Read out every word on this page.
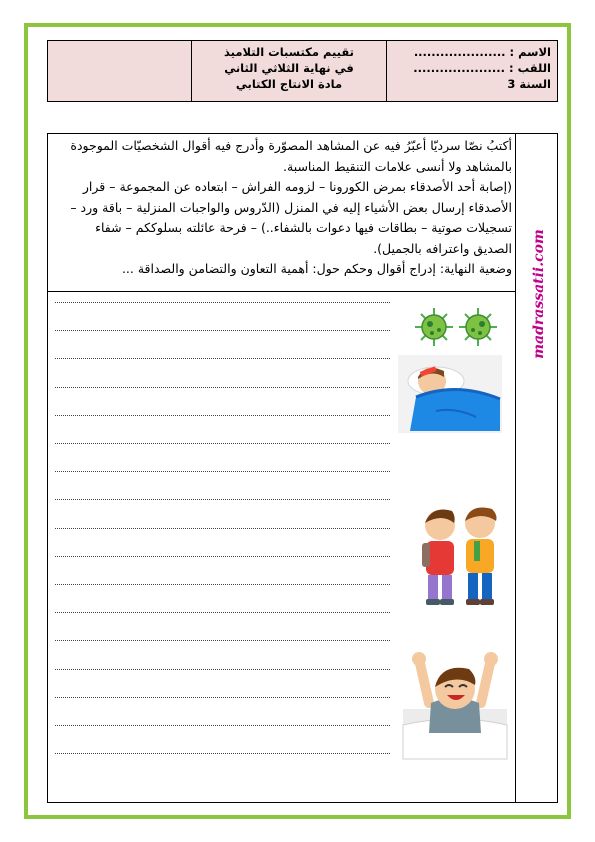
الاسم : .....................
اللقب : .....................
السنة 3
تقييم مكتسبات التلاميذ
في نهاية الثلاثي الثاني
مادة الانتاج الكتابي
madrassatii.com

أكتبُ نصّا سرديّا أعبّرُ فيه عن المشاهد المصوّرة وأدرج فيه أقوال الشخصيّات الموجودة بالمشاهد ولا أنسى علامات التنقيط المناسبة.

(إصابة أحد الأصدقاء بمرض الكورونا – لزومه الفراش – ابتعاده عن المجموعة – قرار الأصدقاء إرسال بعض الأشياء إليه في المنزل (الدّروس والواجبات المنزلية – باقة ورد – تسجيلات صوتية – بطاقات فيها دعوات بالشفاء..) – فرحة عائلته بسلوككم – شفاء الصديق واعترافه بالجميل).

وضعية النهاية: إدراج أقوال وحكم حول: أهمية التعاون والتضامن والصداقة ...
